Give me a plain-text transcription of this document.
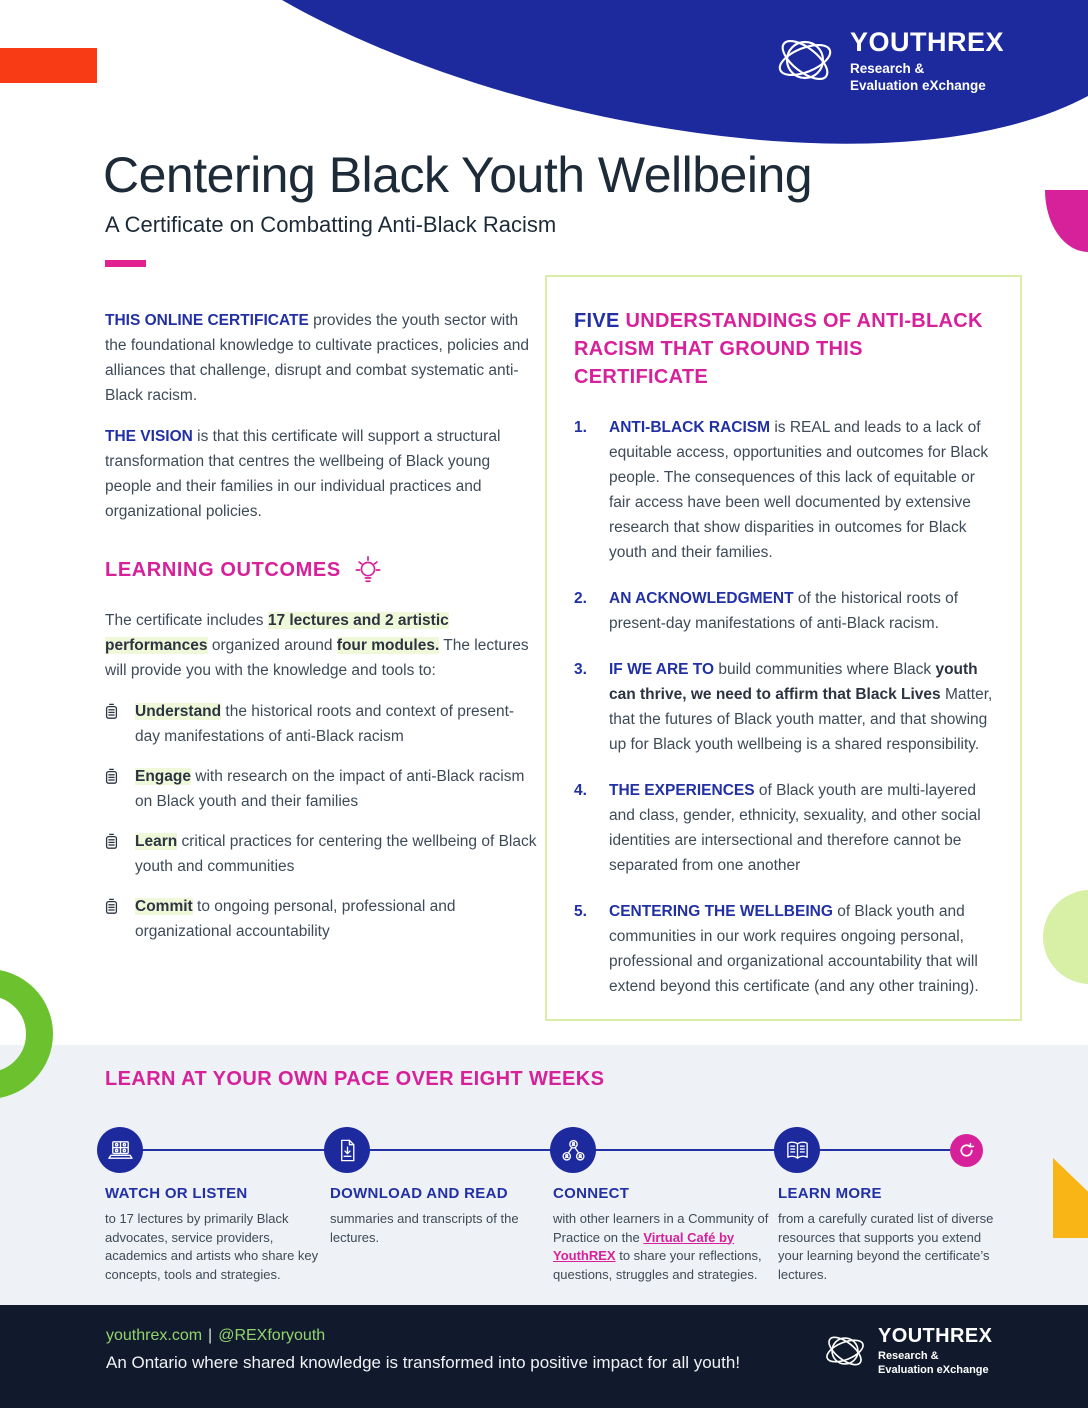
YOUTHREX
Research &
Evaluation eXchange
Centering Black Youth Wellbeing
A Certificate on Combatting Anti-Black Racism

THIS ONLINE CERTIFICATE provides the youth sector with the foundational knowledge to cultivate practices, policies and alliances that challenge, disrupt and combat systematic anti-Black racism.

THE VISION is that this certificate will support a structural transformation that centres the wellbeing of Black young people and their families in our individual practices and organizational policies.

LEARNING OUTCOMES

The certificate includes 17 lectures and 2 artistic performances organized around four modules. The lectures will provide you with the knowledge and tools to:

Understand the historical roots and context of present-day manifestations of anti-Black racism

Engage with research on the impact of anti-Black racism on Black youth and their families

Learn critical practices for centering the wellbeing of Black youth and communities

Commit to ongoing personal, professional and organizational accountability

FIVE UNDERSTANDINGS OF ANTI-BLACK RACISM THAT GROUND THIS CERTIFICATE
1.	ANTI-BLACK RACISM is REAL and leads to a lack of equitable access, opportunities and outcomes for Black people. The consequences of this lack of equitable or fair access have been well documented by extensive research that show disparities in outcomes for Black youth and their families.

2.	AN ACKNOWLEDGMENT of the historical roots of present-day manifestations of anti-Black racism.

3.	IF WE ARE TO build communities where Black youth can thrive, we need to affirm that Black Lives Matter, that the futures of Black youth matter, and that showing up for Black youth wellbeing is a shared responsibility.

4.	THE EXPERIENCES of Black youth are multi-layered and class, gender, ethnicity, sexuality, and other social identities are intersectional and therefore cannot be separated from one another

5.	CENTERING THE WELLBEING of Black youth and communities in our work requires ongoing personal, professional and organizational accountability that will extend beyond this certificate (and any other training).

LEARN AT YOUR OWN PACE OVER EIGHT WEEKS
WATCH OR LISTEN

to 17 lectures by primarily Black advocates, service providers, academics and artists who share key concepts, tools and strategies.

DOWNLOAD AND READ

summaries and transcripts of the lectures.

CONNECT

with other learners in a Community of Practice on the Virtual Café by YouthREX to share your reflections, questions, struggles and strategies.

LEARN MORE

from a carefully curated list of diverse resources that supports you extend your learning beyond the certificate’s lectures.

youthrex.com | @REXforyouth
An Ontario where shared knowledge is transformed into positive impact for all youth!
YOUTHREX
Research &
Evaluation eXchange
